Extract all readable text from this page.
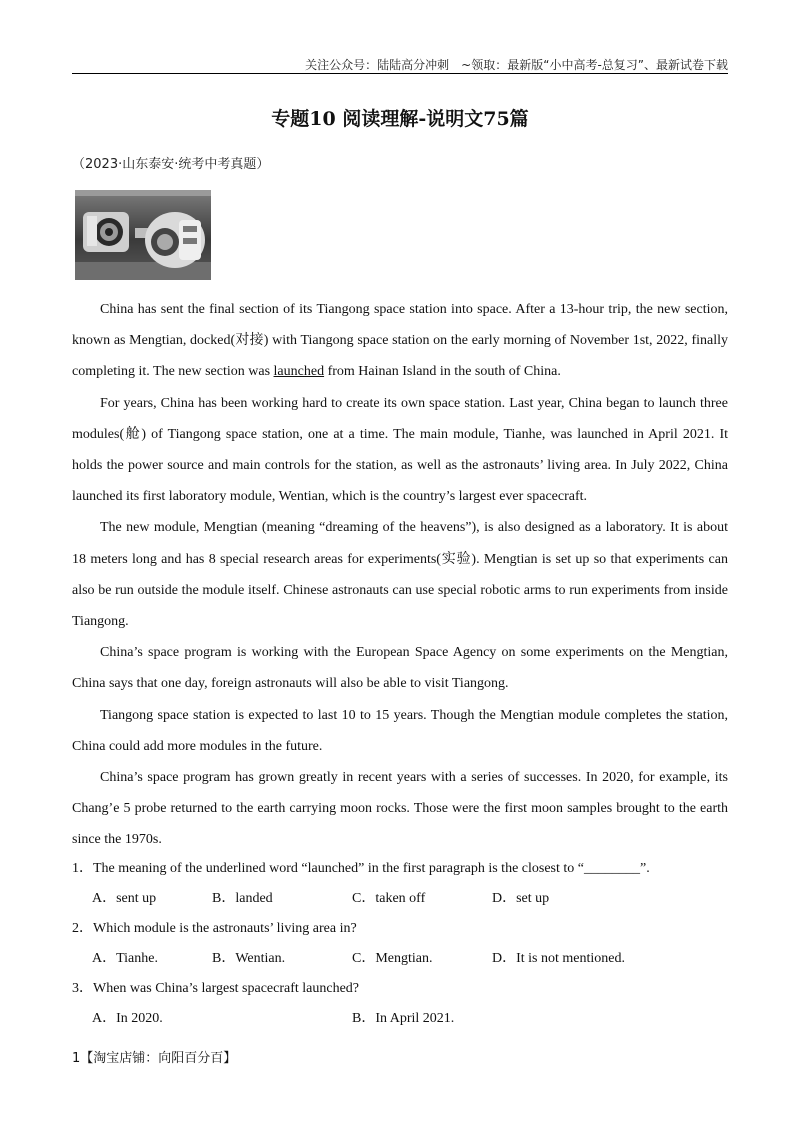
关注公众号：陆陆高分冲刺　~领取：最新版“小中高考-总复习”、最新试卷下载
专题10 阅读理解-说明文75篇
（2023·山东泰安·统考中考真题）

China has sent the final section of its Tiangong space station into space. After a 13-hour trip, the new section, known as Mengtian, docked(对接) with Tiangong space station on the early morning of November 1st, 2022, finally completing it. The new section was launched from Hainan Island in the south of China.

For years, China has been working hard to create its own space station. Last year, China began to launch three modules(舱) of Tiangong space station, one at a time. The main module, Tianhe, was launched in April 2021. It holds the power source and main controls for the station, as well as the astronauts’ living area. In July 2022, China launched its first laboratory module, Wentian, which is the country’s largest ever spacecraft.

The new module, Mengtian (meaning “dreaming of the heavens”), is also designed as a laboratory. It is about 18 meters long and has 8 special research areas for experiments(实验). Mengtian is set up so that experiments can also be run outside the module itself. Chinese astronauts can use special robotic arms to run experiments from inside Tiangong.

China’s space program is working with the European Space Agency on some experiments on the Mengtian, China says that one day, foreign astronauts will also be able to visit Tiangong.

Tiangong space station is expected to last 10 to 15 years. Though the Mengtian module completes the station, China could add more modules in the future.

China’s space program has grown greatly in recent years with a series of successes. In 2020, for example, its Chang’e 5 probe returned to the earth carrying moon rocks. Those were the first moon samples brought to the earth since the 1970s.

1．The meaning of the underlined word “launched” in the first paragraph is the closest to “________”.
A．sent up	B．landed	C．taken off	D．set up
2．Which module is the astronauts’ living area in?
A．Tianhe.	B．Wentian.	C．Mengtian.	D．It is not mentioned.
3．When was China’s largest spacecraft launched?
A．In 2020.	B．In April 2021.
1【淘宝店铺：向阳百分百】
